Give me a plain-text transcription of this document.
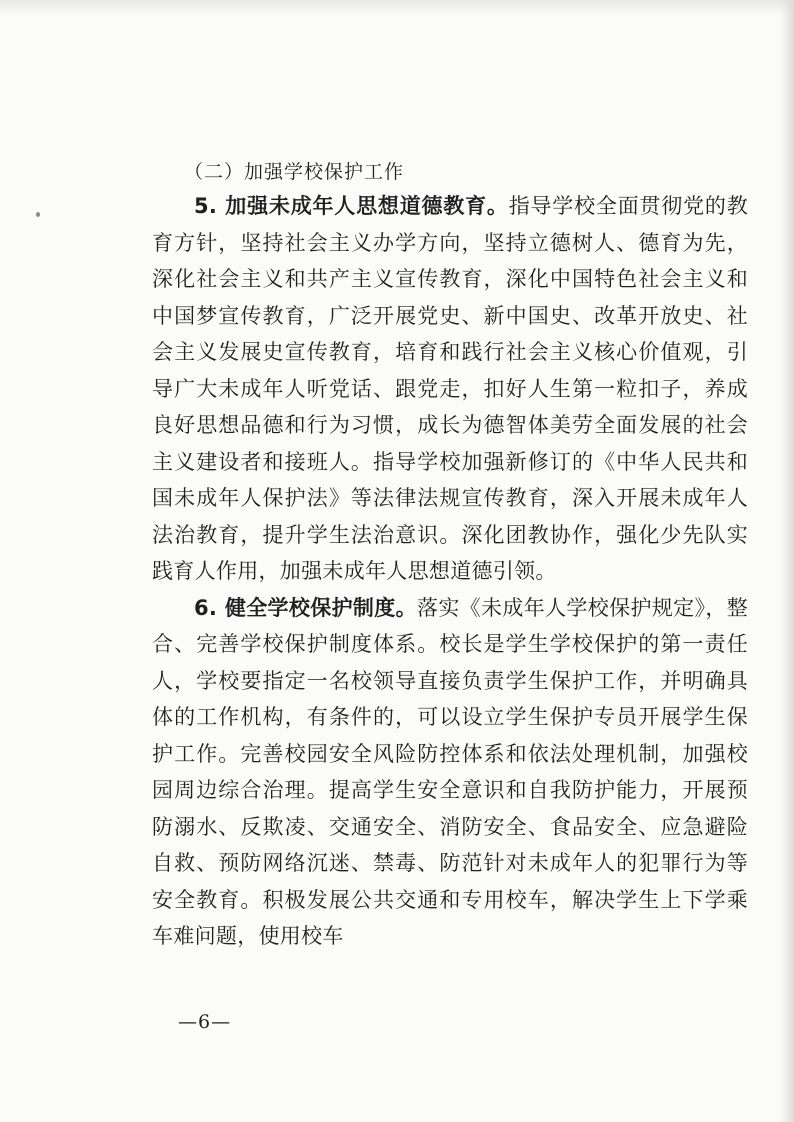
（二）加强学校保护工作

5. 加强未成年人思想道德教育。指导学校全面贯彻党的教育方针，坚持社会主义办学方向，坚持立德树人、德育为先，深化社会主义和共产主义宣传教育，深化中国特色社会主义和中国梦宣传教育，广泛开展党史、新中国史、改革开放史、社会主义发展史宣传教育，培育和践行社会主义核心价值观，引导广大未成年人听党话、跟党走，扣好人生第一粒扣子，养成良好思想品德和行为习惯，成长为德智体美劳全面发展的社会主义建设者和接班人。指导学校加强新修订的《中华人民共和国未成年人保护法》等法律法规宣传教育，深入开展未成年人法治教育，提升学生法治意识。深化团教协作，强化少先队实践育人作用，加强未成年人思想道德引领。

6. 健全学校保护制度。落实《未成年人学校保护规定》，整合、完善学校保护制度体系。校长是学生学校保护的第一责任人，学校要指定一名校领导直接负责学生保护工作，并明确具体的工作机构，有条件的，可以设立学生保护专员开展学生保护工作。完善校园安全风险防控体系和依法处理机制，加强校园周边综合治理。提高学生安全意识和自我防护能力，开展预防溺水、反欺凌、交通安全、消防安全、食品安全、应急避险自救、预防网络沉迷、禁毒、防范针对未成年人的犯罪行为等安全教育。积极发展公共交通和专用校车，解决学生上下学乘车难问题，使用校车

—6—
